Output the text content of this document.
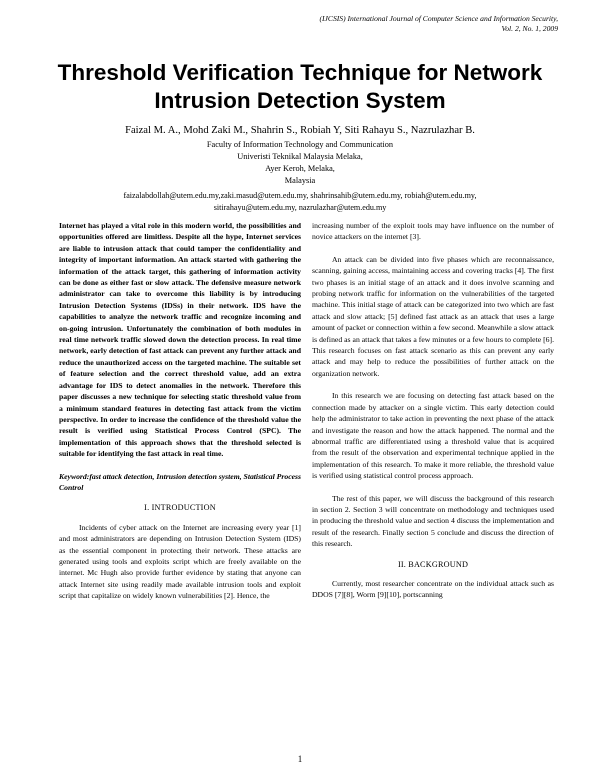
(IJCSIS) International Journal of Computer Science and Information Security,
Vol. 2, No. 1, 2009
Threshold Verification Technique for Network
Intrusion Detection System

Faizal M. A., Mohd Zaki M., Shahrin S., Robiah Y, Siti Rahayu S., Nazrulazhar B.

Faculty of Information Technology and Communication

Univeristi Teknikal Malaysia Melaka,

Ayer Keroh, Melaka,

Malaysia

faizalabdollah@utem.edu.my,zaki.masud@utem.edu.my, shahrinsahib@utem.edu.my, robiah@utem.edu.my,
sitirahayu@utem.edu.my, nazrulazhar@utem.edu.my

Internet has played a vital role in this modern world, the possibilities and opportunities offered are limitless. Despite all the hype, Internet services are liable to intrusion attack that could tamper the confidentiality and integrity of important information. An attack started with gathering the information of the attack target, this gathering of information activity can be done as either fast or slow attack. The defensive measure network administrator can take to overcome this liability is by introducing Intrusion Detection Systems (IDSs) in their network. IDS have the capabilities to analyze the network traffic and recognize incoming and on-going intrusion. Unfortunately the combination of both modules in real time network traffic slowed down the detection process. In real time network, early detection of fast attack can prevent any further attack and reduce the unauthorized access on the targeted machine. The suitable set of feature selection and the correct threshold value, add an extra advantage for IDS to detect anomalies in the network. Therefore this paper discusses a new technique for selecting static threshold value from a minimum standard features in detecting fast attack from the victim perspective. In order to increase the confidence of the threshold value the result is verified using Statistical Process Control (SPC). The implementation of this approach shows that the threshold selected is suitable for identifying the fast attack in real time.

Keyword:fast attack detection, Intrusion detection system, Statistical Process Control

I. INTRODUCTION

Incidents of cyber attack on the Internet are increasing every year [1] and most administrators are depending on Intrusion Detection System (IDS) as the essential component in protecting their network. These attacks are generated using tools and exploits script which are freely available on the internet. Mc Hugh also provide further evidence by stating that anyone can attack Internet site using readily made available intrusion tools and exploit script that capitalize on widely known vulnerabilities [2]. Hence, the

increasing number of the exploit tools may have influence on the number of novice attackers on the internet [3].

An attack can be divided into five phases which are reconnaissance, scanning, gaining access, maintaining access and covering tracks [4]. The first two phases is an initial stage of an attack and it does involve scanning and probing network traffic for information on the vulnerabilities of the targeted machine. This initial stage of attack can be categorized into two which are fast attack and slow attack; [5] defined fast attack as an attack that uses a large amount of packet or connection within a few second. Meanwhile a slow attack is defined as an attack that takes a few minutes or a few hours to complete [6]. This research focuses on fast attack scenario as this can prevent any early attack and may help to reduce the possibilities of further attack on the organization network.

In this research we are focusing on detecting fast attack based on the connection made by attacker on a single victim. This early detection could help the administrator to take action in preventing the next phase of the attack and investigate the reason and how the attack happened. The normal and the abnormal traffic are differentiated using a threshold value that is acquired from the result of the observation and experimental technique applied in the implementation of this research. To make it more reliable, the threshold value is verified using statistical control process approach.

The rest of this paper, we will discuss the background of this research in section 2. Section 3 will concentrate on methodology and techniques used in producing the threshold value and section 4 discuss the implementation and result of the research. Finally section 5 conclude and discuss the direction of this research.

II. BACKGROUND

Currently, most researcher concentrate on the individual attack such as DDOS [7][8], Worm [9][10], portscanning

1
